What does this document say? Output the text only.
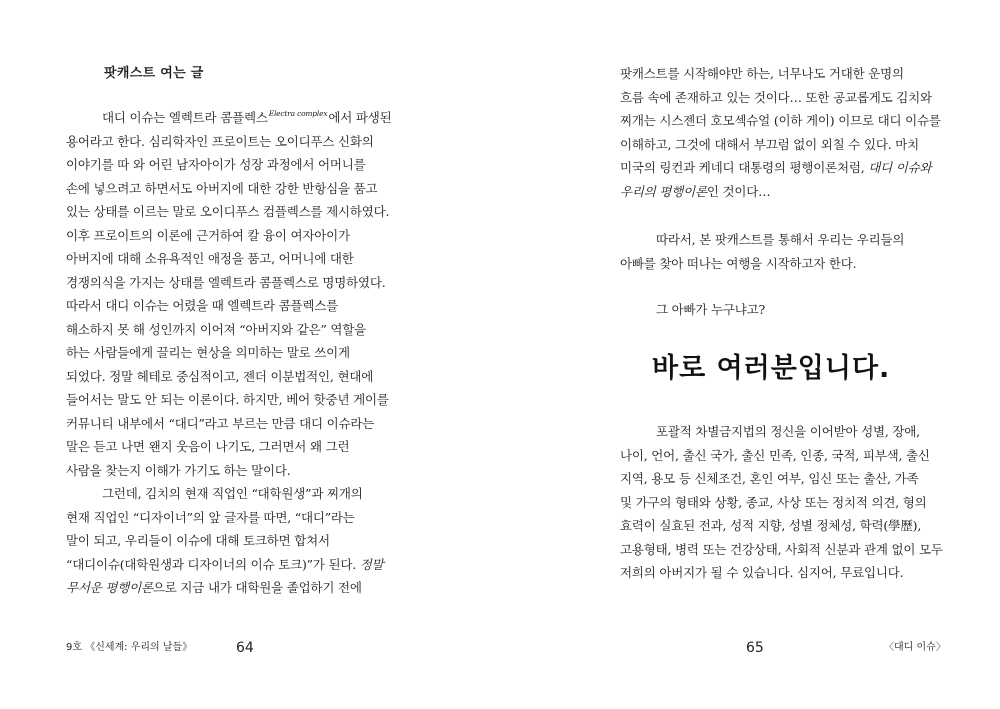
팟캐스트 여는 글
대디 이슈는 엘렉트라 콤플렉스$^{Electra complex}$에서 파생된
용어라고 한다. 심리학자인 프로이트는 오이디푸스 신화의
이야기를 따 와 어린 남자아이가 성장 과정에서 어머니를
손에 넣으려고 하면서도 아버지에 대한 강한 반항심을 품고
있는 상태를 이르는 말로 오이디푸스 컴플렉스를 제시하였다.
이후 프로이트의 이론에 근거하여 칼 융이 여자아이가
아버지에 대해 소유욕적인 애정을 품고, 어머니에 대한
경쟁의식을 가지는 상태를 엘렉트라 콤플렉스로 명명하였다.
따라서 대디 이슈는 어렸을 때 엘렉트라 콤플렉스를
해소하지 못 해 성인까지 이어져 “아버지와 같은” 역할을
하는 사람들에게 끌리는 현상을 의미하는 말로 쓰이게
되었다. 정말 헤테로 중심적이고, 젠더 이분법적인, 현대에
들어서는 말도 안 되는 이론이다. 하지만, 베어 핫중년 게이를
커뮤니티 내부에서 “대디”라고 부르는 만큼 대디 이슈라는
말은 듣고 나면 왠지 웃음이 나기도, 그러면서 왜 그런
사람을 찾는지 이해가 가기도 하는 말이다.
그런데, 김치의 현재 직업인 “대학원생”과 찌개의
현재 직업인 “디자이너”의 앞 글자를 따면, “대디”라는
말이 되고, 우리들이 이슈에 대해 토크하면 합쳐서
“대디이슈(대학원생과 디자이너의 이슈 토크)”가 된다. 정말
무서운 평행이론으로 지금 내가 대학원을 졸업하기 전에
9호 《신세계: 우리의 날들》	64
팟캐스트를 시작해야만 하는, 너무나도 거대한 운명의
흐름 속에 존재하고 있는 것이다… 또한 공교롭게도 김치와
찌개는 시스젠더 호모섹슈얼 (이하 게이) 이므로 대디 이슈를
이해하고, 그것에 대해서 부끄럼 없이 외칠 수 있다. 마치
미국의 링컨과 케네디 대통령의 평행이론처럼, 대디 이슈와
우리의 평행이론인 것이다…
따라서, 본 팟캐스트를 통해서 우리는 우리들의
아빠를 찾아 떠나는 여행을 시작하고자 한다.
그 아빠가 누구냐고?
바로 여러분입니다.
포괄적 차별금지법의 정신을 이어받아 성별, 장애,
나이, 언어, 출신 국가, 출신 민족, 인종, 국적, 피부색, 출신
지역, 용모 등 신체조건, 혼인 여부, 임신 또는 출산, 가족
및 가구의 형태와 상황, 종교, 사상 또는 정치적 의견, 형의
효력이 실효된 전과, 성적 지향, 성별 정체성, 학력(學歷),
고용형태, 병력 또는 건강상태, 사회적 신분과 관계 없이 모두
저희의 아버지가 될 수 있습니다. 심지어, 무료입니다.
65	〈대디 이슈〉
